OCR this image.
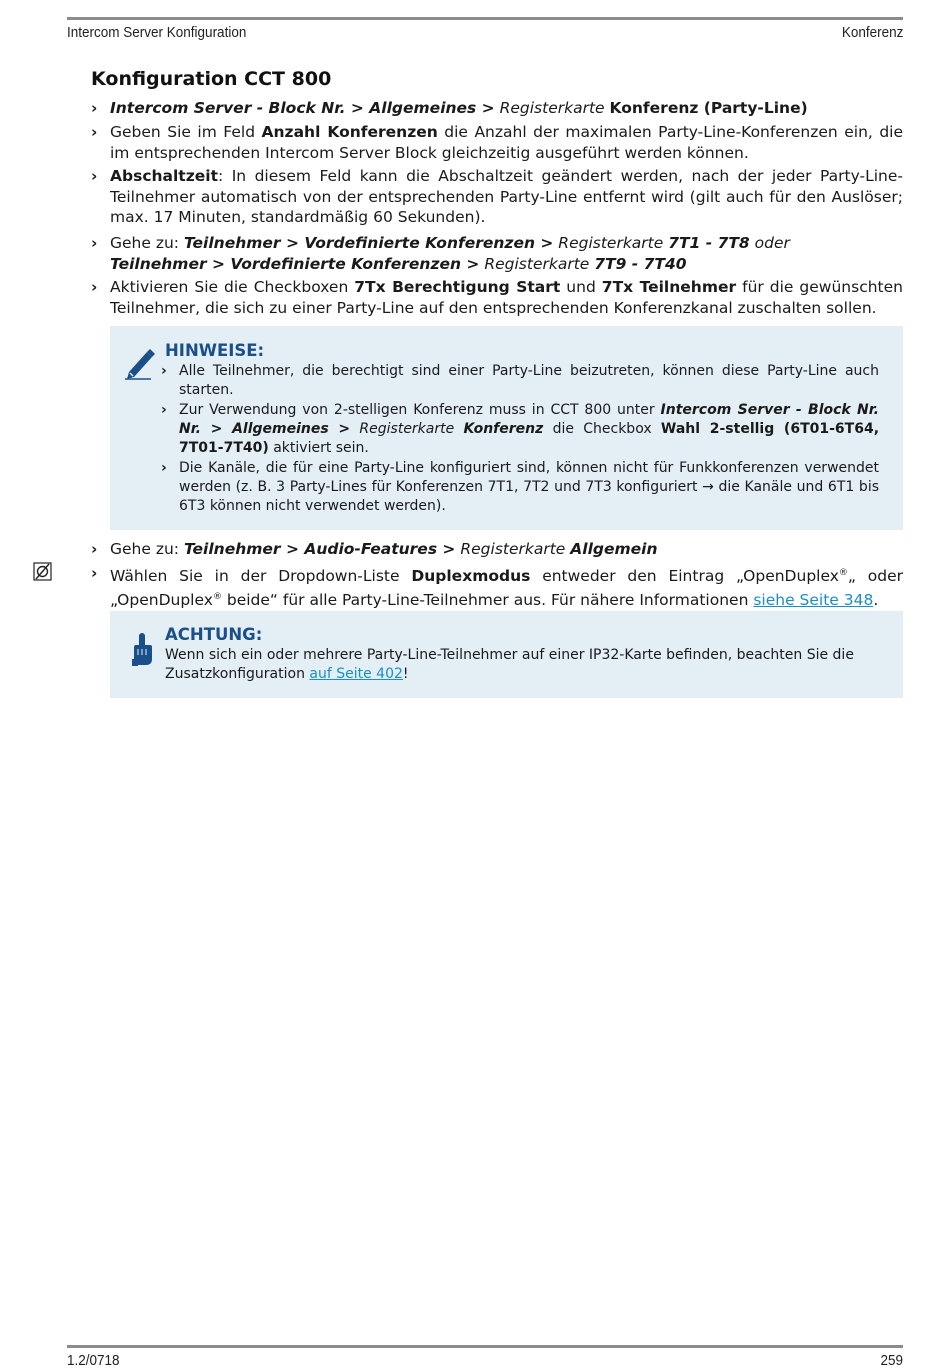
Intercom Server Konfiguration	Konferenz
Konfiguration CCT 800
› Intercom Server - Block Nr. > Allgemeines > Registerkarte Konferenz (Party-Line)
› Geben Sie im Feld Anzahl Konferenzen die Anzahl der maximalen Party-Line-Konferenzen ein, die im entsprechenden Intercom Server Block gleichzeitig ausgeführt werden können.
› Abschaltzeit: In diesem Feld kann die Abschaltzeit geändert werden, nach der jeder Party-Line-Teilnehmer automatisch von der entsprechenden Party-Line entfernt wird (gilt auch für den Auslöser; max. 17 Minuten, standardmäßig 60 Sekunden).
› Gehe zu: Teilnehmer > Vordefinierte Konferenzen > Registerkarte 7T1 - 7T8 oder
Teilnehmer > Vordefinierte Konferenzen > Registerkarte 7T9 - 7T40
› Aktivieren Sie die Checkboxen 7Tx Berechtigung Start und 7Tx Teilnehmer für die gewünschten Teilnehmer, die sich zu einer Party-Line auf den entsprechenden Konferenzkanal zuschalten sollen.
HINWEISE:
› Alle Teilnehmer, die berechtigt sind einer Party-Line beizutreten, können diese Party-Line auch starten.
› Zur Verwendung von 2-stelligen Konferenz muss in CCT 800 unter Intercom Server - Block Nr. Nr. > Allgemeines > Registerkarte Konferenz die Checkbox Wahl 2-stellig (6T01-6T64, 7T01-7T40) aktiviert sein.
› Die Kanäle, die für eine Party-Line konfiguriert sind, können nicht für Funkkonferenzen verwendet werden (z. B. 3 Party-Lines für Konferenzen 7T1, 7T2 und 7T3 konfiguriert → die Kanäle und 6T1 bis 6T3 können nicht verwendet werden).
› Gehe zu: Teilnehmer > Audio-Features > Registerkarte Allgemein
› Wählen Sie in der Dropdown-Liste Duplexmodus entweder den Eintrag „OpenDuplex®„ oder „OpenDuplex® beide“ für alle Party-Line-Teilnehmer aus. Für nähere Informationen siehe Seite 348.
ACHTUNG:
Wenn sich ein oder mehrere Party-Line-Teilnehmer auf einer IP32-Karte befinden, beachten Sie die Zusatzkonfiguration auf Seite 402!
1.2/0718	259
